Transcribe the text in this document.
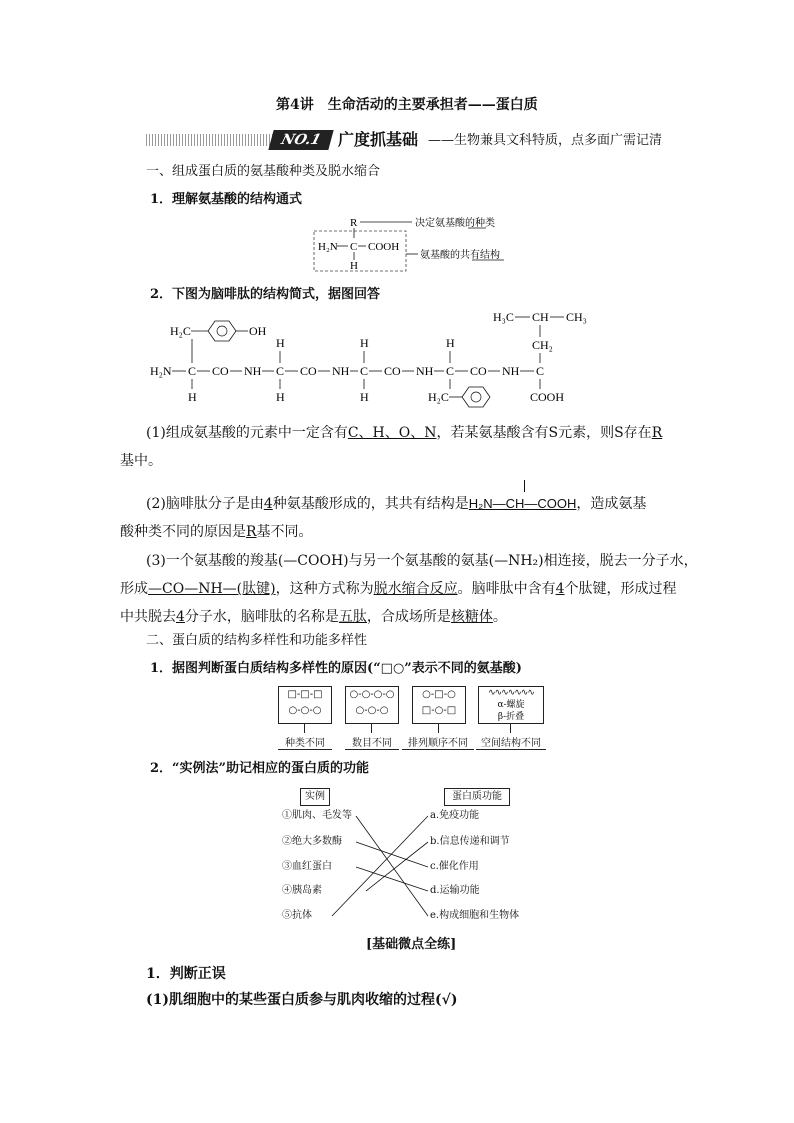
第4讲　生命活动的主要承担者——蛋白质
NO.1 广度抓基础 ——生物兼具文科特质，点多面广需记清
一、组成蛋白质的氨基酸种类及脱水缩合
1．理解氨基酸的结构通式
R
H₂N C COOH
H
决定氨基酸的种类
氨基酸的共有结构
2．下图为脑啡肽的结构简式，据图回答
H₂C	OH
H₃C CH CH₃
CH₂
H₂N C CO NH C CO NH C CO NH C CO NH C
H	H	H
H	H	H	H₂C	COOH
(1)组成氨基酸的元素中一定含有C、H、O、N，若某氨基酸含有S元素，则S存在R
基中。
(2)脑啡肽分子是由4种氨基酸形成的，其共有结构是H₂N—CH—COOH，造成氨基
酸种类不同的原因是R基不同。
(3)一个氨基酸的羧基(—COOH)与另一个氨基酸的氨基(—NH₂)相连接，脱去一分子水，
形成—CO—NH—(肽键)，这种方式称为脱水缩合反应。脑啡肽中含有4个肽键，形成过程
中共脱去4分子水，脑啡肽的名称是五肽，合成场所是核糖体。
二、蛋白质的结构多样性和功能多样性
1．据图判断蛋白质结构多样性的原因(“□○”表示不同的氨基酸)
□-□-□
○-○-○
○-○-○-○
○-○-○
○-□-○
□-○-□
∿∿∿∿∿∿∿
α-螺旋
β-折叠
种类不同	数目不同	排列顺序不同	空间结构不同
2．“实例法”助记相应的蛋白质的功能
实例	蛋白质功能
①肌肉、毛发等
②绝大多数酶
③血红蛋白
④胰岛素
⑤抗体
a.免疫功能
b.信息传递和调节
c.催化作用
d.运输功能
e.构成细胞和生物体
[基础微点全练]
1．判断正误
(1)肌细胞中的某些蛋白质参与肌肉收缩的过程(√)
